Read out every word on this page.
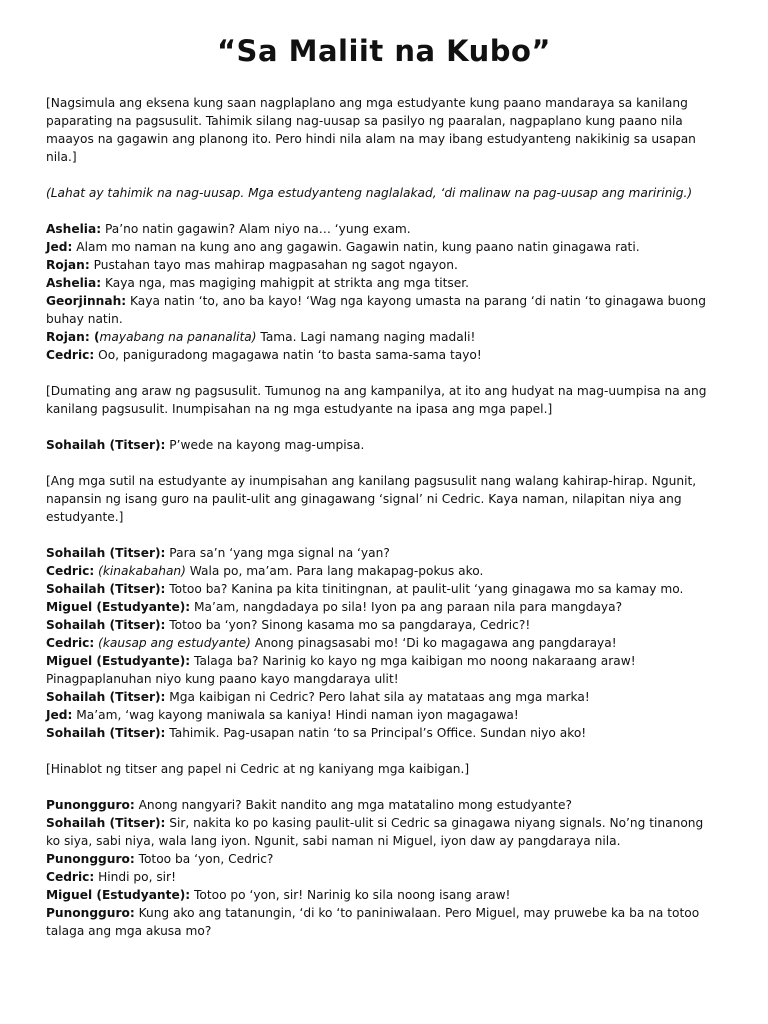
“Sa Maliit na Kubo”

[Nagsimula ang eksena kung saan nagplaplano ang mga estudyante kung paano mandaraya sa kanilang paparating na pagsusulit. Tahimik silang nag-uusap sa pasilyo ng paaralan, nagpaplano kung paano nila maayos na gagawin ang planong ito. Pero hindi nila alam na may ibang estudyanteng nakikinig sa usapan nila.]

(Lahat ay tahimik na nag-uusap. Mga estudyanteng naglalakad, ‘di malinaw na pag-uusap ang maririnig.)

Ashelia: Pa’no natin gagawin? Alam niyo na… ‘yung exam.

Jed: Alam mo naman na kung ano ang gagawin. Gagawin natin, kung paano natin ginagawa rati.

Rojan: Pustahan tayo mas mahirap magpasahan ng sagot ngayon.

Ashelia: Kaya nga, mas magiging mahigpit at strikta ang mga titser.

Georjinnah: Kaya natin ‘to, ano ba kayo! ‘Wag nga kayong umasta na parang ‘di natin ‘to ginagawa buong buhay natin.

Rojan: (mayabang na pananalita) Tama. Lagi namang naging madali!

Cedric: Oo, paniguradong magagawa natin ‘to basta sama-sama tayo!

[Dumating ang araw ng pagsusulit. Tumunog na ang kampanilya, at ito ang hudyat na mag-uumpisa na ang kanilang pagsusulit. Inumpisahan na ng mga estudyante na ipasa ang mga papel.]

Sohailah (Titser): P’wede na kayong mag-umpisa.

[Ang mga sutil na estudyante ay inumpisahan ang kanilang pagsusulit nang walang kahirap-hirap. Ngunit, napansin ng isang guro na paulit-ulit ang ginagawang ‘signal’ ni Cedric. Kaya naman, nilapitan niya ang estudyante.]

Sohailah (Titser): Para sa’n ‘yang mga signal na ‘yan?

Cedric: (kinakabahan) Wala po, ma’am. Para lang makapag-pokus ako.

Sohailah (Titser): Totoo ba? Kanina pa kita tinitingnan, at paulit-ulit ‘yang ginagawa mo sa kamay mo.

Miguel (Estudyante): Ma’am, nangdadaya po sila! Iyon pa ang paraan nila para mangdaya?

Sohailah (Titser): Totoo ba ‘yon? Sinong kasama mo sa pangdaraya, Cedric?!

Cedric: (kausap ang estudyante) Anong pinagsasabi mo! ‘Di ko magagawa ang pangdaraya!

Miguel (Estudyante): Talaga ba? Narinig ko kayo ng mga kaibigan mo noong nakaraang araw! Pinagpaplanuhan niyo kung paano kayo mangdaraya ulit!

Sohailah (Titser): Mga kaibigan ni Cedric? Pero lahat sila ay matataas ang mga marka!

Jed: Ma’am, ‘wag kayong maniwala sa kaniya! Hindi naman iyon magagawa!

Sohailah (Titser): Tahimik. Pag-usapan natin ‘to sa Principal’s Office. Sundan niyo ako!

[Hinablot ng titser ang papel ni Cedric at ng kaniyang mga kaibigan.]

Punongguro: Anong nangyari? Bakit nandito ang mga matatalino mong estudyante?

Sohailah (Titser): Sir, nakita ko po kasing paulit-ulit si Cedric sa ginagawa niyang signals. No’ng tinanong ko siya, sabi niya, wala lang iyon. Ngunit, sabi naman ni Miguel, iyon daw ay pangdaraya nila.

Punongguro: Totoo ba ‘yon, Cedric?

Cedric: Hindi po, sir!

Miguel (Estudyante): Totoo po ‘yon, sir! Narinig ko sila noong isang araw!

Punongguro: Kung ako ang tatanungin, ‘di ko ‘to paniniwalaan. Pero Miguel, may pruwebe ka ba na totoo talaga ang mga akusa mo?
